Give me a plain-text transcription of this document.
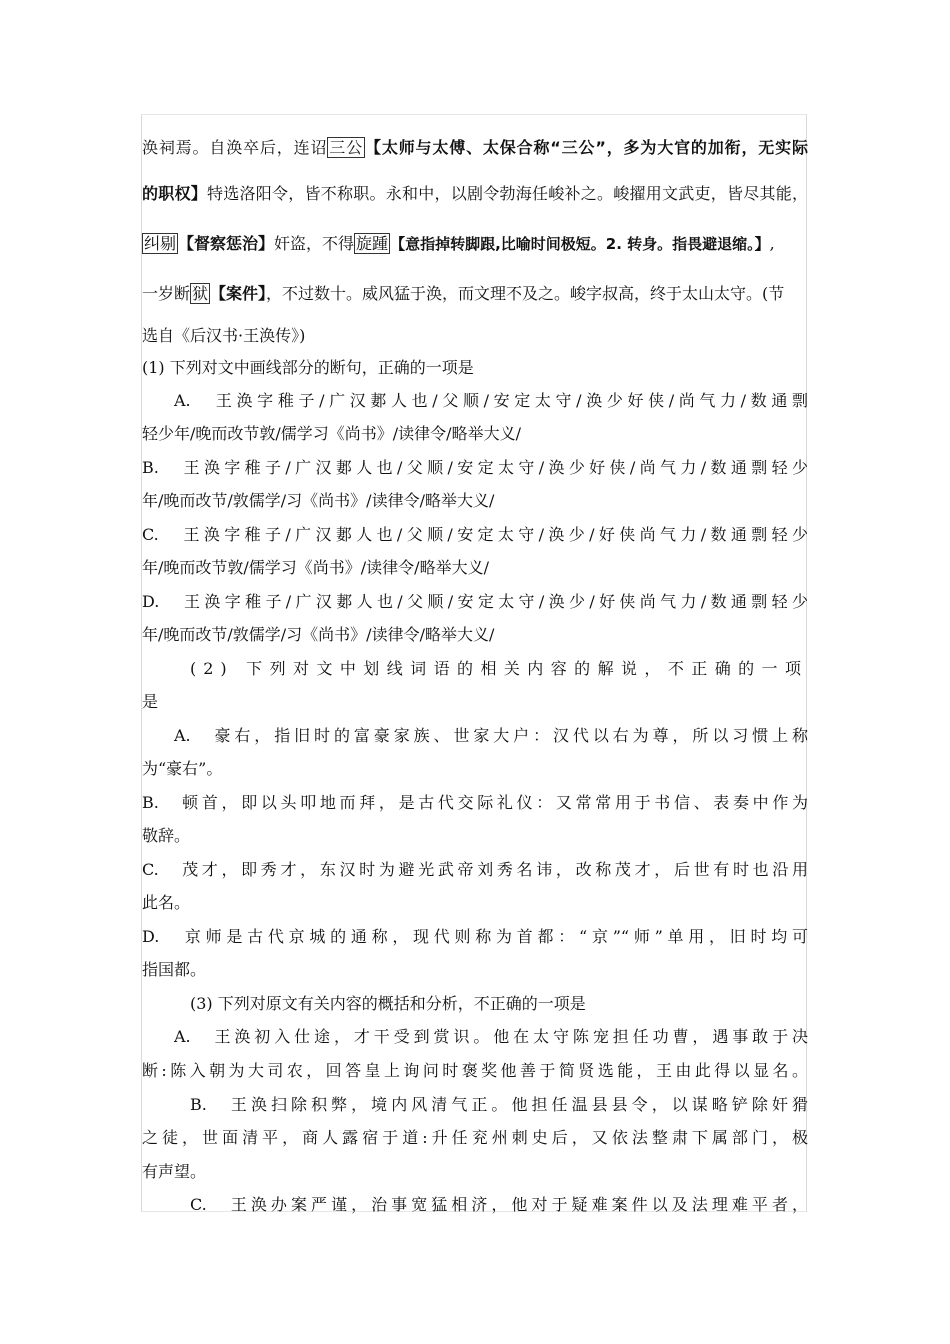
涣祠焉。自涣卒后，连诏 三公 【太师与太傅、太保合称“三公”，多为大官的加衔，无实际
的职权】特选洛阳令，皆不称职。永和中，以剧令勃海任峻补之。峻擢用文武吏，皆尽其能，
纠剔 【督察惩治】奸盗，不得 旋踵 【意指掉转脚跟,比喻时间极短。2. 转身。指畏避退缩。】,
一岁断 狱 【案件】，不过数十。威风猛于涣，而文理不及之。峻字叔高，终于太山太守。(节
选自《后汉书·王涣传》)
(1) 下列对文中画线部分的断句，正确的一项是
A.　王涣字稚子/广汉郪人也/父顺/安定太守/涣少好侠/尚气力/数通剽
轻少年/晚而改节敦/儒学习《尚书》/读律令/略举大义/
B.　王涣字稚子/广汉郪人也/父顺/安定太守/涣少好侠/尚气力/数通剽轻少
年/晚而改节/敦儒学/习《尚书》/读律令/略举大义/
C.　王涣字稚子/广汉郪人也/父顺/安定太守/涣少/好侠尚气力/数通剽轻少
年/晚而改节敦/儒学习《尚书》/读律令/略举大义/
D.　王涣字稚子/广汉郪人也/父顺/安定太守/涣少/好侠尚气力/数通剽轻少
年/晚而改节/敦儒学/习《尚书》/读律令/略举大义/
(2) 下列对文中划线词语的相关内容的解说，不正确的一项
是
A.　豪右，指旧时的富豪家族、世家大户：汉代以右为尊，所以习惯上称
为“豪右”。
B.　顿首，即以头叩地而拜，是古代交际礼仪：又常常用于书信、表奏中作为
敬辞。
C.　茂才，即秀才，东汉时为避光武帝刘秀名讳，改称茂才，后世有时也沿用
此名。
D.　京师是古代京城的通称，现代则称为首都：“京”“师”单用，旧时均可
指国都。
(3) 下列对原文有关内容的概括和分析，不正确的一项是
A.　王涣初入仕途，才干受到赏识。他在太守陈宠担任功曹，遇事敢于决
断:陈入朝为大司农，回答皇上询问时褒奖他善于简贤选能，王由此得以显名。
B.　王涣扫除积弊，境内风清气正。他担任温县县令，以谋略铲除奸猾
之徒，世面清平，商人露宿于道:升任兖州刺史后，又依法整肃下属部门，极
有声望。
C.　王涣办案严谨，治事宽猛相济，他对于疑难案件以及法理难平者，
